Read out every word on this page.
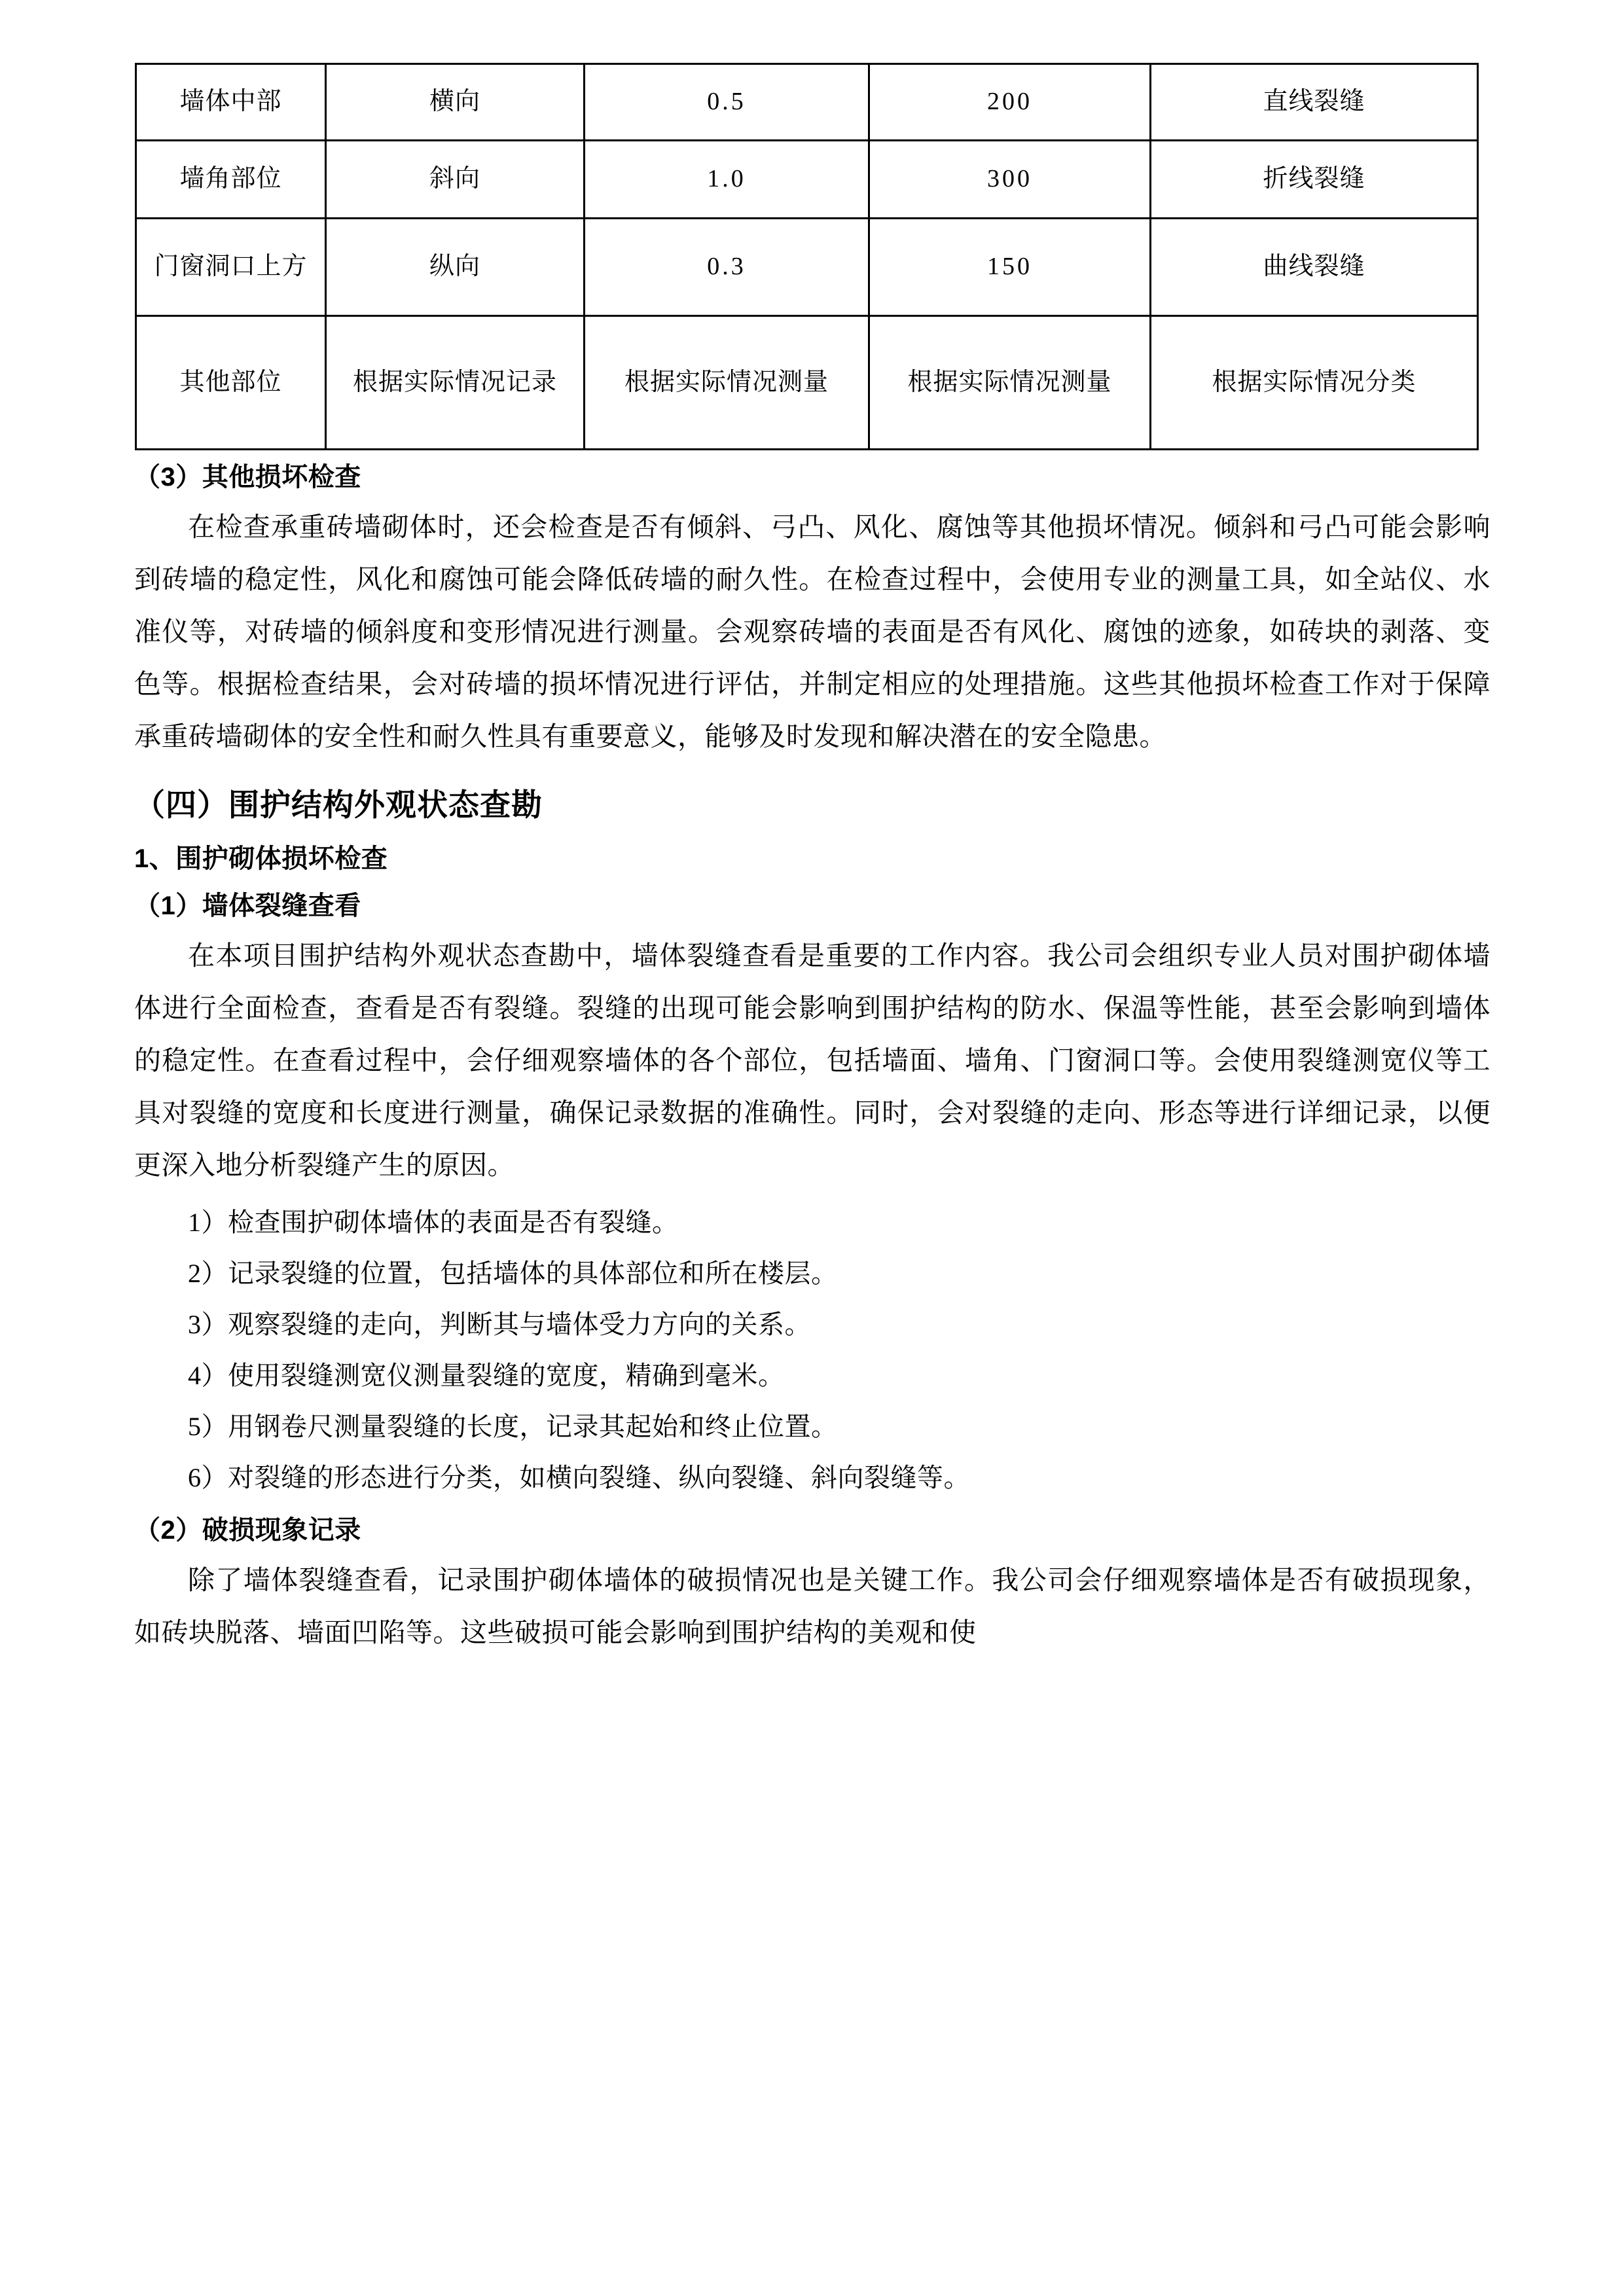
墙体中部	横向	0.5	200	直线裂缝
墙角部位	斜向	1.0	300	折线裂缝
门窗洞口上方	纵向	0.3	150	曲线裂缝
其他部位	根据实际情况记录	根据实际情况测量	根据实际情况测量	根据实际情况分类
（3）其他损坏检查

在检查承重砖墙砌体时，还会检查是否有倾斜、弓凸、风化、腐蚀等其他损坏情况。倾斜和弓凸可能会影响到砖墙的稳定性，风化和腐蚀可能会降低砖墙的耐久性。在检查过程中，会使用专业的测量工具，如全站仪、水准仪等，对砖墙的倾斜度和变形情况进行测量。会观察砖墙的表面是否有风化、腐蚀的迹象，如砖块的剥落、变色等。根据检查结果，会对砖墙的损坏情况进行评估，并制定相应的处理措施。这些其他损坏检查工作对于保障承重砖墙砌体的安全性和耐久性具有重要意义，能够及时发现和解决潜在的安全隐患。

（四）围护结构外观状态查勘
1、围护砌体损坏检查
（1）墙体裂缝查看

在本项目围护结构外观状态查勘中，墙体裂缝查看是重要的工作内容。我公司会组织专业人员对围护砌体墙体进行全面检查，查看是否有裂缝。裂缝的出现可能会影响到围护结构的防水、保温等性能，甚至会影响到墙体的稳定性。在查看过程中，会仔细观察墙体的各个部位，包括墙面、墙角、门窗洞口等。会使用裂缝测宽仪等工具对裂缝的宽度和长度进行测量，确保记录数据的准确性。同时，会对裂缝的走向、形态等进行详细记录，以便更深入地分析裂缝产生的原因。

1）检查围护砌体墙体的表面是否有裂缝。

2）记录裂缝的位置，包括墙体的具体部位和所在楼层。

3）观察裂缝的走向，判断其与墙体受力方向的关系。

4）使用裂缝测宽仪测量裂缝的宽度，精确到毫米。

5）用钢卷尺测量裂缝的长度，记录其起始和终止位置。

6）对裂缝的形态进行分类，如横向裂缝、纵向裂缝、斜向裂缝等。

（2）破损现象记录

除了墙体裂缝查看，记录围护砌体墙体的破损情况也是关键工作。我公司会仔细观察墙体是否有破损现象，如砖块脱落、墙面凹陷等。这些破损可能会影响到围护结构的美观和使
